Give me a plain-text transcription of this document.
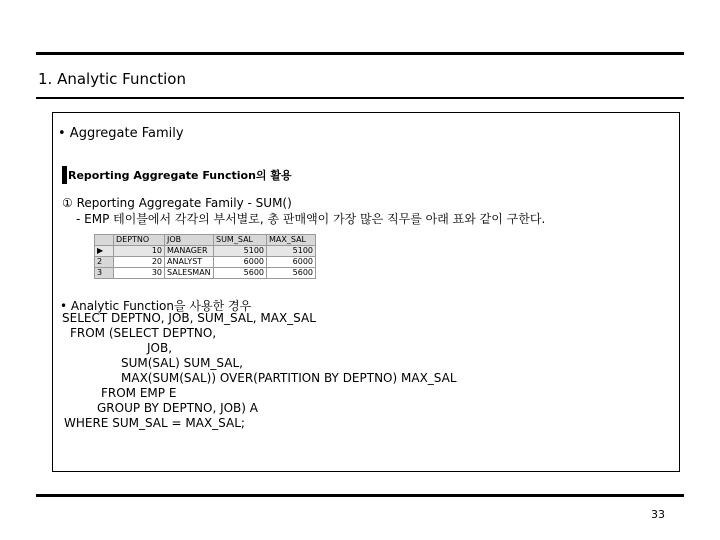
1. Analytic Function
• Aggregate Family
Reporting Aggregate Function의 활용
① Reporting Aggregate Family - SUM()
- EMP 테이블에서 각각의 부서별로, 총 판매액이 가장 많은 직무를 아래 표와 같이 구한다.
	DEPTNO	JOB	SUM_SAL	MAX_SAL
▶	10	MANAGER	5100	5100
2	20	ANALYST	6000	6000
3	30	SALESMAN	5600	5600
• Analytic Function을 사용한 경우
SELECT DEPTNO, JOB, SUM_SAL, MAX_SAL
FROM (SELECT DEPTNO,
JOB,
SUM(SAL) SUM_SAL,
MAX(SUM(SAL)) OVER(PARTITION BY DEPTNO) MAX_SAL
FROM EMP E
GROUP BY DEPTNO, JOB) A
WHERE SUM_SAL = MAX_SAL;
33
